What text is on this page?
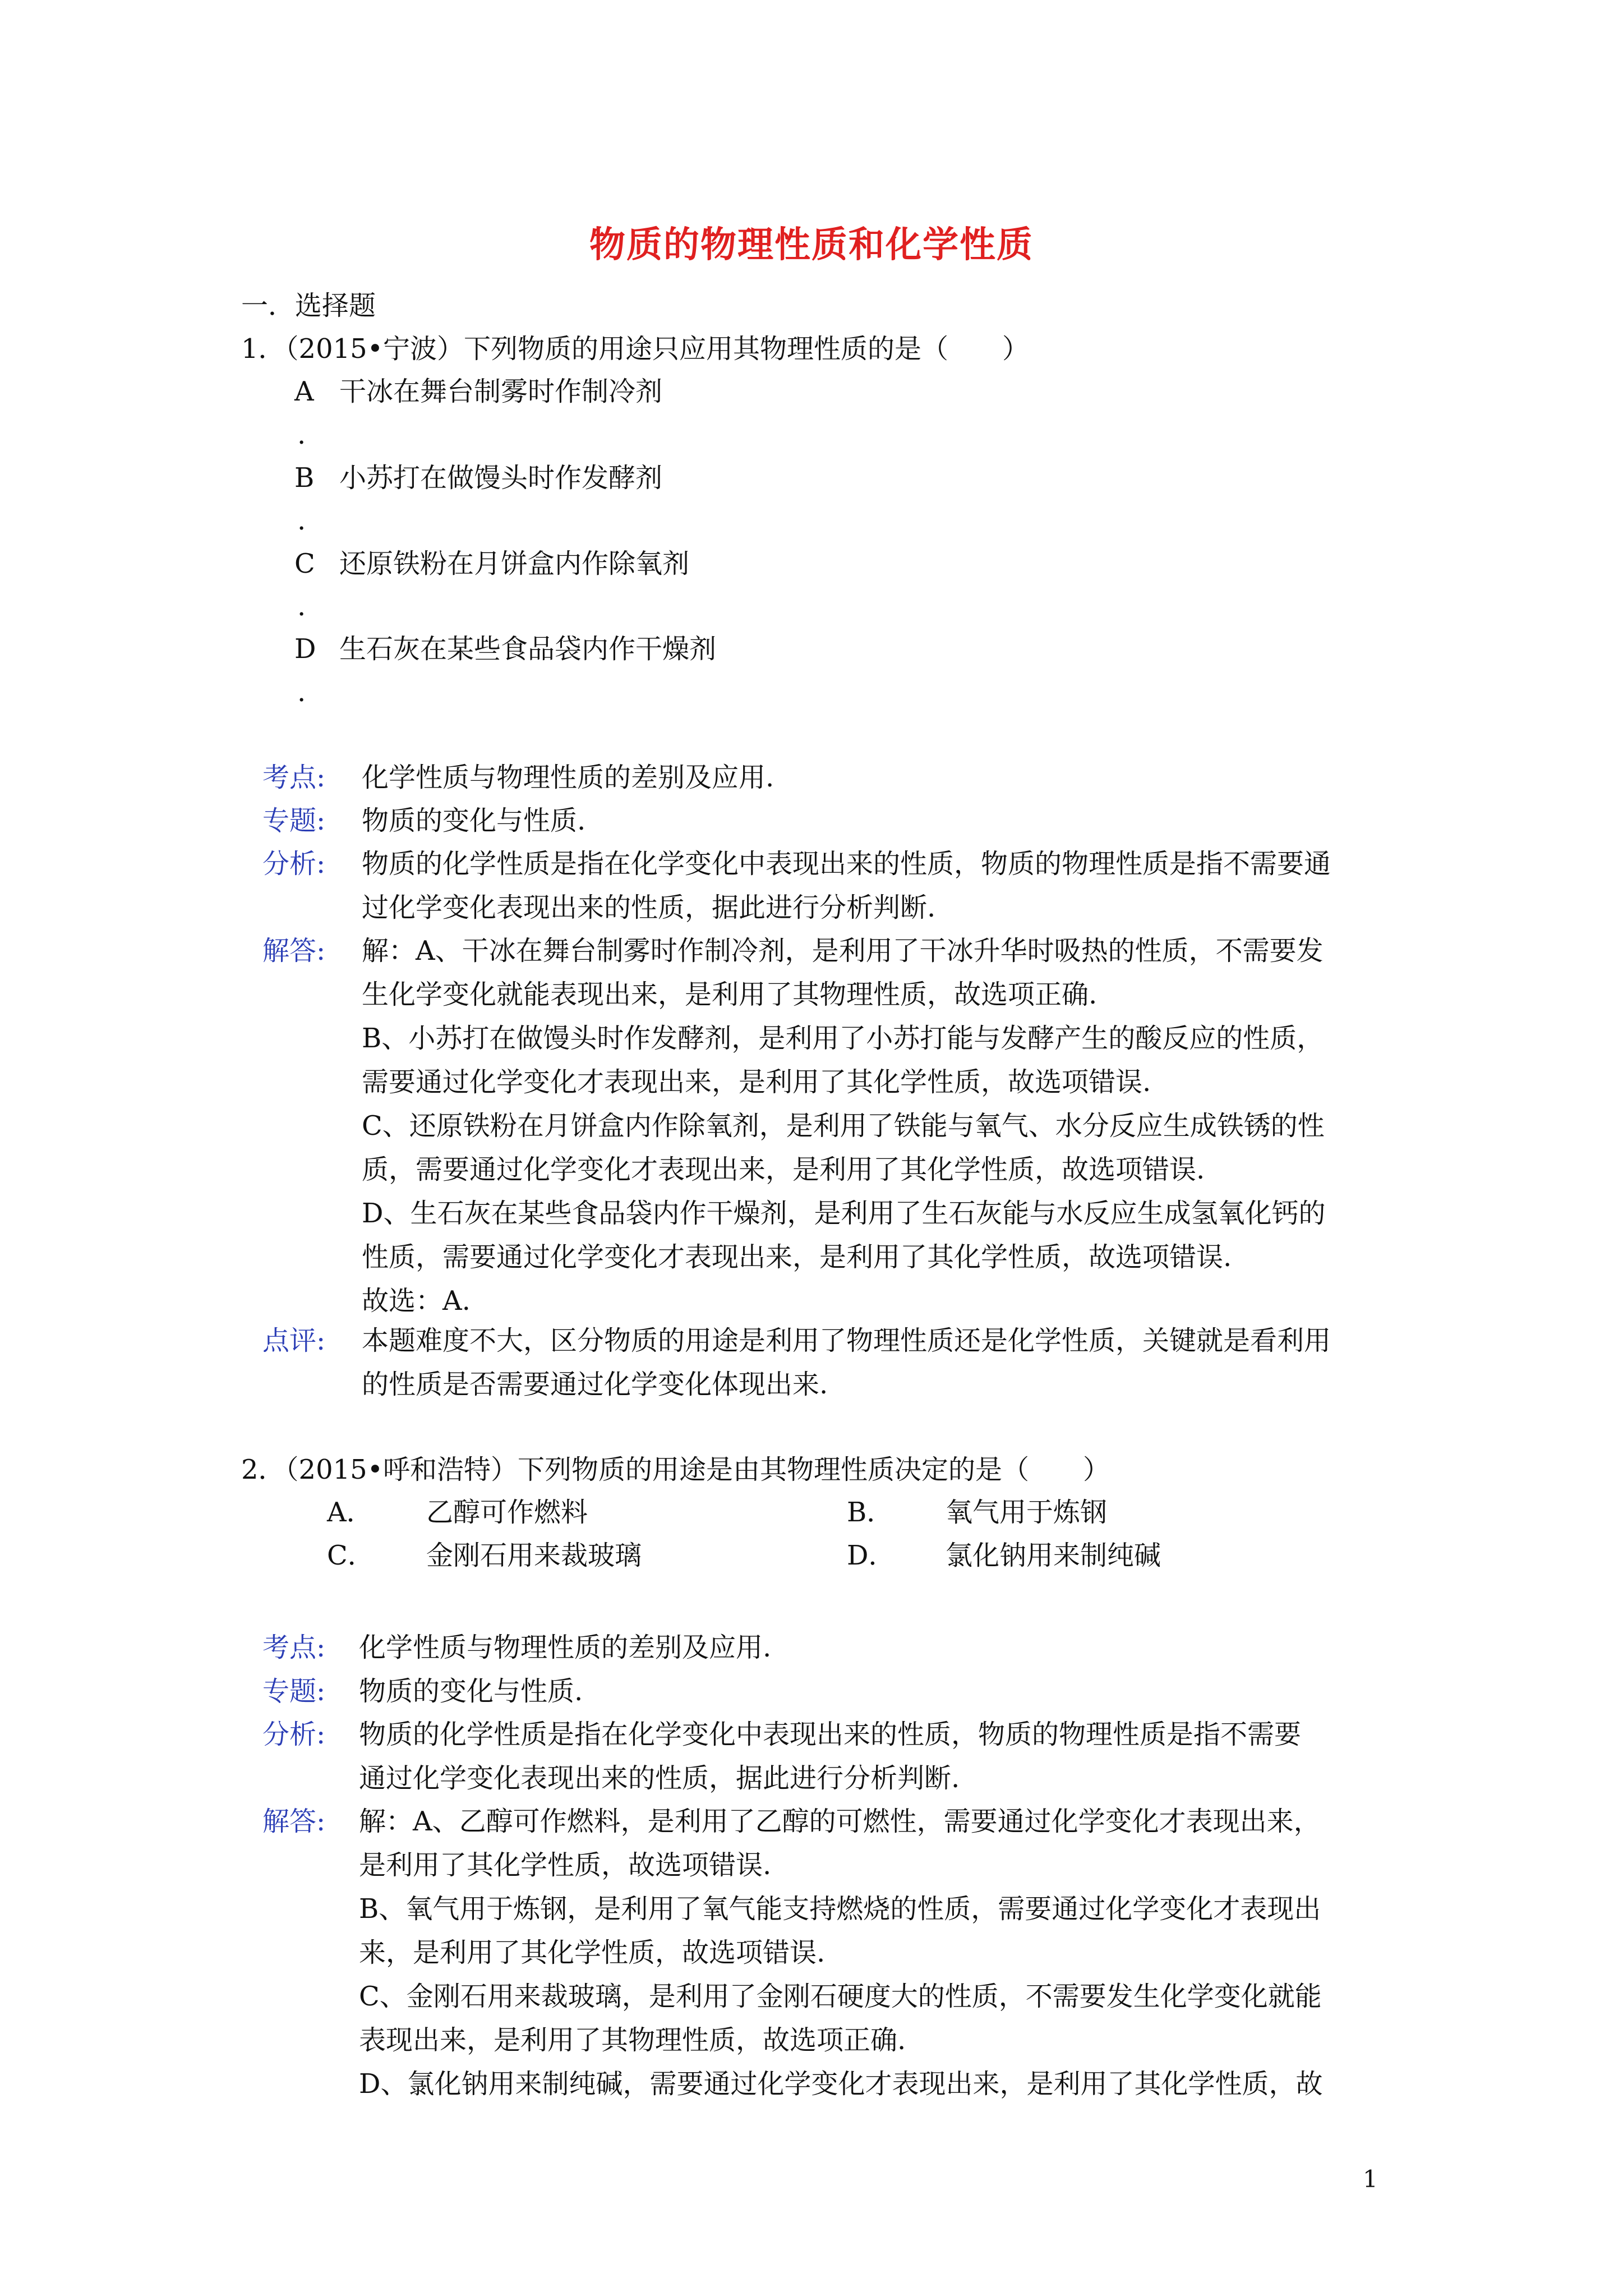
物质的物理性质和化学性质
一．选择题
1．（2015•宁波）下列物质的用途只应用其物理性质的是（　　）
A 干冰在舞台制雾时作制冷剂
.
B 小苏打在做馒头时作发酵剂
.
C 还原铁粉在月饼盒内作除氧剂
.
D 生石灰在某些食品袋内作干燥剂
.
考点: 化学性质与物理性质的差别及应用.
专题: 物质的变化与性质.
分析: 物质的化学性质是指在化学变化中表现出来的性质，物质的物理性质是指不需要通
过化学变化表现出来的性质，据此进行分析判断.
解答: 解：A、干冰在舞台制雾时作制冷剂，是利用了干冰升华时吸热的性质，不需要发
生化学变化就能表现出来，是利用了其物理性质，故选项正确.
B、小苏打在做馒头时作发酵剂，是利用了小苏打能与发酵产生的酸反应的性质，
需要通过化学变化才表现出来，是利用了其化学性质，故选项错误.
C、还原铁粉在月饼盒内作除氧剂，是利用了铁能与氧气、水分反应生成铁锈的性
质，需要通过化学变化才表现出来，是利用了其化学性质，故选项错误.
D、生石灰在某些食品袋内作干燥剂，是利用了生石灰能与水反应生成氢氧化钙的
性质，需要通过化学变化才表现出来，是利用了其化学性质，故选项错误.
故选：A.
点评: 本题难度不大，区分物质的用途是利用了物理性质还是化学性质，关键就是看利用
的性质是否需要通过化学变化体现出来.
2．（2015•呼和浩特）下列物质的用途是由其物理性质决定的是（　　）
A． 乙醇可作燃料	B． 氧气用于炼钢
C． 金刚石用来裁玻璃	D． 氯化钠用来制纯碱
考点: 化学性质与物理性质的差别及应用.
专题: 物质的变化与性质.
分析: 物质的化学性质是指在化学变化中表现出来的性质，物质的物理性质是指不需要
通过化学变化表现出来的性质，据此进行分析判断.
解答: 解：A、乙醇可作燃料，是利用了乙醇的可燃性，需要通过化学变化才表现出来，
是利用了其化学性质，故选项错误.
B、氧气用于炼钢，是利用了氧气能支持燃烧的性质，需要通过化学变化才表现出
来，是利用了其化学性质，故选项错误.
C、金刚石用来裁玻璃，是利用了金刚石硬度大的性质，不需要发生化学变化就能
表现出来，是利用了其物理性质，故选项正确.
D、氯化钠用来制纯碱，需要通过化学变化才表现出来，是利用了其化学性质，故
1
